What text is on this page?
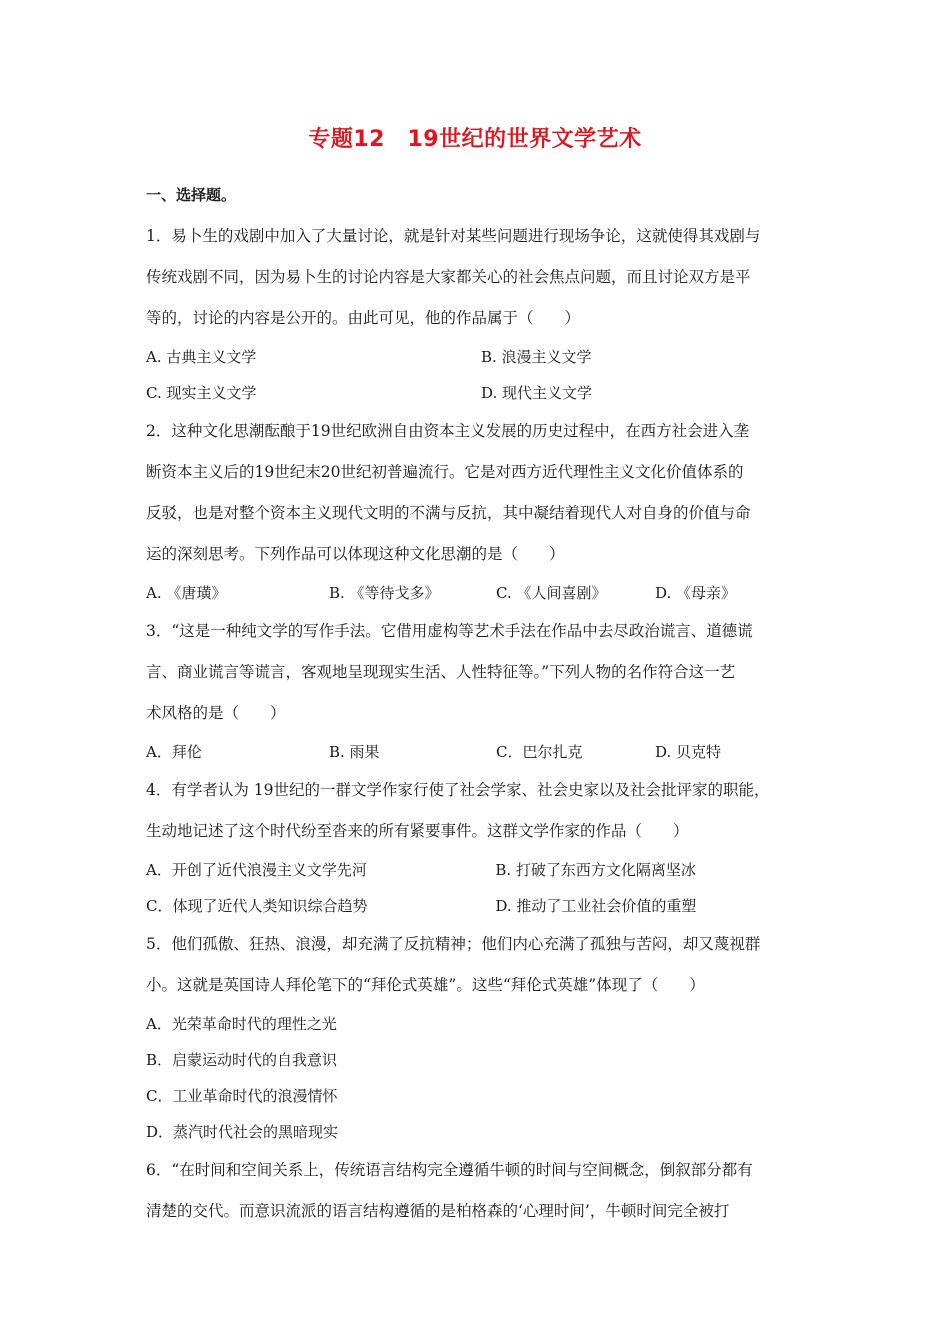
专题12　19世纪的世界文学艺术
一、选择题。
1．易卜生的戏剧中加入了大量讨论，就是针对某些问题进行现场争论，这就使得其戏剧与
传统戏剧不同，因为易卜生的讨论内容是大家都关心的社会焦点问题，而且讨论双方是平
等的，讨论的内容是公开的。由此可见，他的作品属于（　　）
A. 古典主义文学	B. 浪漫主义文学
C. 现实主义文学	D. 现代主义文学
2．这种文化思潮酝酿于19世纪欧洲自由资本主义发展的历史过程中，在西方社会进入垄
断资本主义后的19世纪末20世纪初普遍流行。它是对西方近代理性主义文化价值体系的
反驳，也是对整个资本主义现代文明的不满与反抗，其中凝结着现代人对自身的价值与命
运的深刻思考。下列作品可以体现这种文化思潮的是（　　）
A. 《唐璜》	B. 《等待戈多》	C. 《人间喜剧》	D. 《母亲》
3．“这是一种纯文学的写作手法。它借用虚构等艺术手法在作品中去尽政治谎言、道德谎
言、商业谎言等谎言，客观地呈现现实生活、人性特征等。”下列人物的名作符合这一艺
术风格的是（　　）
A．拜伦	B. 雨果	C．巴尔扎克	D. 贝克特
4．有学者认为 19世纪的一群文学作家行使了社会学家、社会史家以及社会批评家的职能，
生动地记述了这个时代纷至沓来的所有紧要事件。这群文学作家的作品（　　）
A．开创了近代浪漫主义文学先河	B. 打破了东西方文化隔离坚冰
C．体现了近代人类知识综合趋势	D. 推动了工业社会价值的重塑
5．他们孤傲、狂热、浪漫，却充满了反抗精神；他们内心充满了孤独与苦闷，却又蔑视群
小。这就是英国诗人拜伦笔下的“拜伦式英雄”。这些“拜伦式英雄”体现了（　　）
A．光荣革命时代的理性之光
B．启蒙运动时代的自我意识
C．工业革命时代的浪漫情怀
D．蒸汽时代社会的黑暗现实
6．“在时间和空间关系上，传统语言结构完全遵循牛顿的时间与空间概念，倒叙部分都有
清楚的交代。而意识流派的语言结构遵循的是柏格森的‘心理时间’，牛顿时间完全被打
